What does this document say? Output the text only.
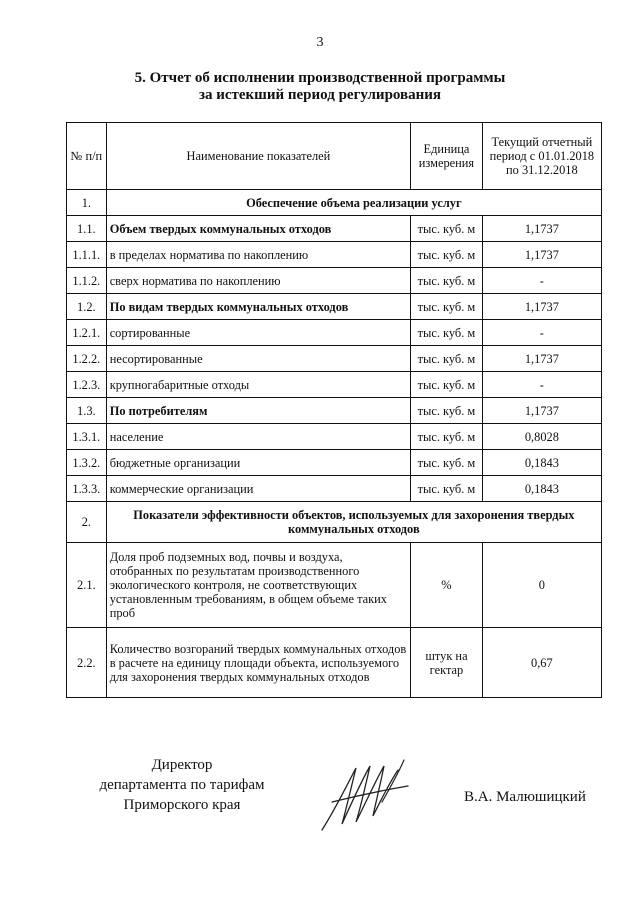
3
5. Отчет об исполнении производственной программы
за истекший период регулирования
№ п/п	Наименование показателей	Единица измерения	Текущий отчетный период с 01.01.2018 по 31.12.2018
1.	Обеспечение объема реализации услуг		
1.1.	Объем твердых коммунальных отходов	тыс. куб. м	1,1737
1.1.1.	в пределах норматива по накоплению	тыс. куб. м	1,1737
1.1.2.	сверх норматива по накоплению	тыс. куб. м	-
1.2.	По видам твердых коммунальных отходов	тыс. куб. м	1,1737
1.2.1.	сортированные	тыс. куб. м	-
1.2.2.	несортированные	тыс. куб. м	1,1737
1.2.3.	крупногабаритные отходы	тыс. куб. м	-
1.3.	По потребителям	тыс. куб. м	1,1737
1.3.1.	население	тыс. куб. м	0,8028
1.3.2.	бюджетные организации	тыс. куб. м	0,1843
1.3.3.	коммерческие организации	тыс. куб. м	0,1843
2.	Показатели эффективности объектов, используемых для захоронения твердых коммунальных отходов		
2.1.	Доля проб подземных вод, почвы и воздуха, отобранных по результатам производственного экологического контроля, не соответствующих установленным требованиям, в общем объеме таких проб	%	0
2.2.	Количество возгораний твердых коммунальных отходов в расчете на единицу площади объекта, используемого для захоронения твердых коммунальных отходов	штук на гектар	0,67
Директор
департамента по тарифам
Приморского края	В.А. Малюшицкий
